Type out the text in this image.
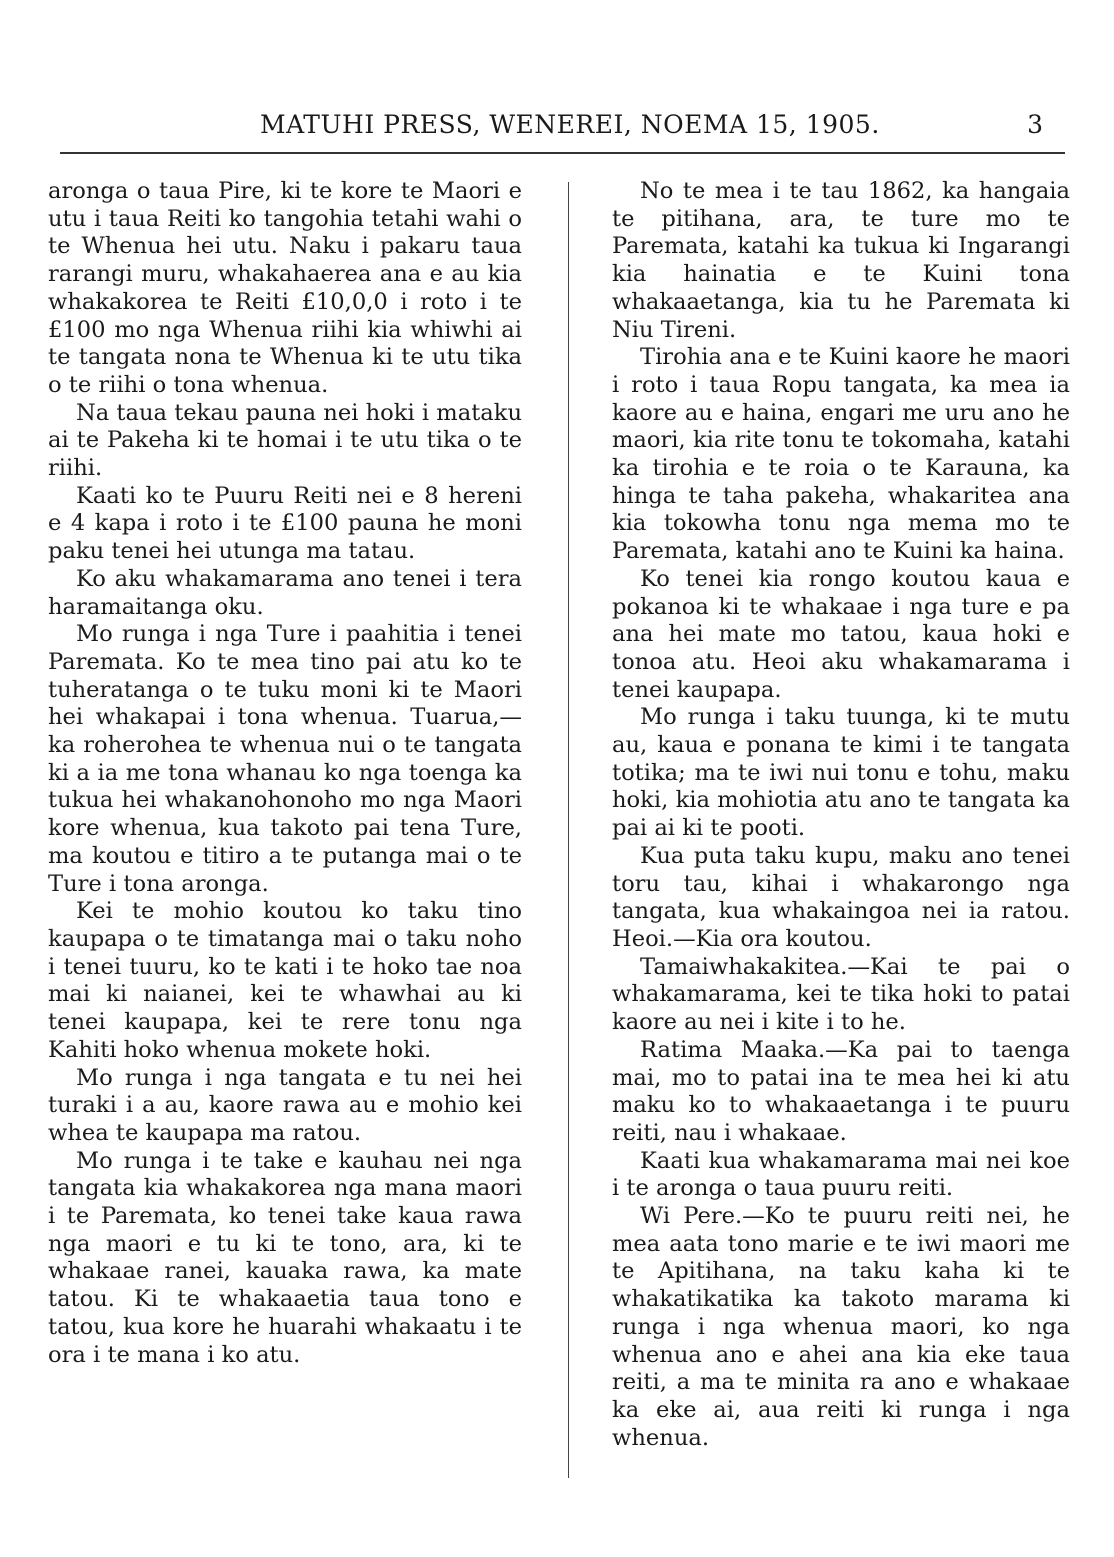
MATUHI PRESS, WENEREI, NOEMA 15, 1905.	3

aronga o taua Pire, ki te kore te Maori e utu i taua Reiti ko tangohia tetahi wahi o te Whenua hei utu. Naku i pakaru taua rarangi muru, whakahaerea ana e au kia whakakorea te Reiti £10,0,0 i roto i te £100 mo nga Whenua riihi kia whiwhi ai te tangata nona te Whenua ki te utu tika o te riihi o tona whenua.

Na taua tekau pauna nei hoki i mataku ai te Pakeha ki te homai i te utu tika o te riihi.

Kaati ko te Puuru Reiti nei e 8 hereni e 4 kapa i roto i te £100 pauna he moni paku tenei hei utunga ma tatau.

Ko aku whakamarama ano tenei i tera haramaitanga oku.

Mo runga i nga Ture i paahitia i tenei Paremata. Ko te mea tino pai atu ko te tuheratanga o te tuku moni ki te Maori hei whakapai i tona whenua. Tuarua,—ka roherohea te whenua nui o te tangata ki a ia me tona whanau ko nga toenga ka tukua hei whakanohonoho mo nga Maori kore whenua, kua takoto pai tena Ture, ma koutou e titiro a te putanga mai o te Ture i tona aronga.

Kei te mohio koutou ko taku tino kaupapa o te timatanga mai o taku noho i tenei tuuru, ko te kati i te hoko tae noa mai ki naianei, kei te whawhai au ki tenei kaupapa, kei te rere tonu nga Kahiti hoko whenua mokete hoki.

Mo runga i nga tangata e tu nei hei turaki i a au, kaore rawa au e mohio kei whea te kaupapa ma ratou.

Mo runga i te take e kauhau nei nga tangata kia whakakorea nga mana maori i te Paremata, ko tenei take kaua rawa nga maori e tu ki te tono, ara, ki te whakaae ranei, kauaka rawa, ka mate tatou. Ki te whakaaetia taua tono e tatou, kua kore he huarahi whakaatu i te ora i te mana i ko atu.

No te mea i te tau 1862, ka hangaia te pitihana, ara, te ture mo te Paremata, katahi ka tukua ki Ingarangi kia hainatia e te Kuini tona whakaaetanga, kia tu he Paremata ki Niu Tireni.

Tirohia ana e te Kuini kaore he maori i roto i taua Ropu tangata, ka mea ia kaore au e haina, engari me uru ano he maori, kia rite tonu te tokomaha, katahi ka tirohia e te roia o te Karauna, ka hinga te taha pakeha, whakaritea ana kia tokowha tonu nga mema mo te Paremata, katahi ano te Kuini ka haina.

Ko tenei kia rongo koutou kaua e pokanoa ki te whakaae i nga ture e pa ana hei mate mo tatou, kaua hoki e tonoa atu. Heoi aku whakamarama i tenei kaupapa.

Mo runga i taku tuunga, ki te mutu au, kaua e ponana te kimi i te tangata totika; ma te iwi nui tonu e tohu, maku hoki, kia mohiotia atu ano te tangata ka pai ai ki te pooti.

Kua puta taku kupu, maku ano tenei toru tau, kihai i whakarongo nga tangata, kua whakaingoa nei ia ratou. Heoi.—Kia ora koutou.

Tamaiwhakakitea.—Kai te pai o whakamarama, kei te tika hoki to patai kaore au nei i kite i to he.

Ratima Maaka.—Ka pai to taenga mai, mo to patai ina te mea hei ki atu maku ko to whakaaetanga i te puuru reiti, nau i whakaae.

Kaati kua whakamarama mai nei koe i te aronga o taua puuru reiti.

Wi Pere.—Ko te puuru reiti nei, he mea aata tono marie e te iwi maori me te Apitihana, na taku kaha ki te whakatikatika ka takoto marama ki runga i nga whenua maori, ko nga whenua ano e ahei ana kia eke taua reiti, a ma te minita ra ano e whakaae ka eke ai, aua reiti ki runga i nga whenua.
